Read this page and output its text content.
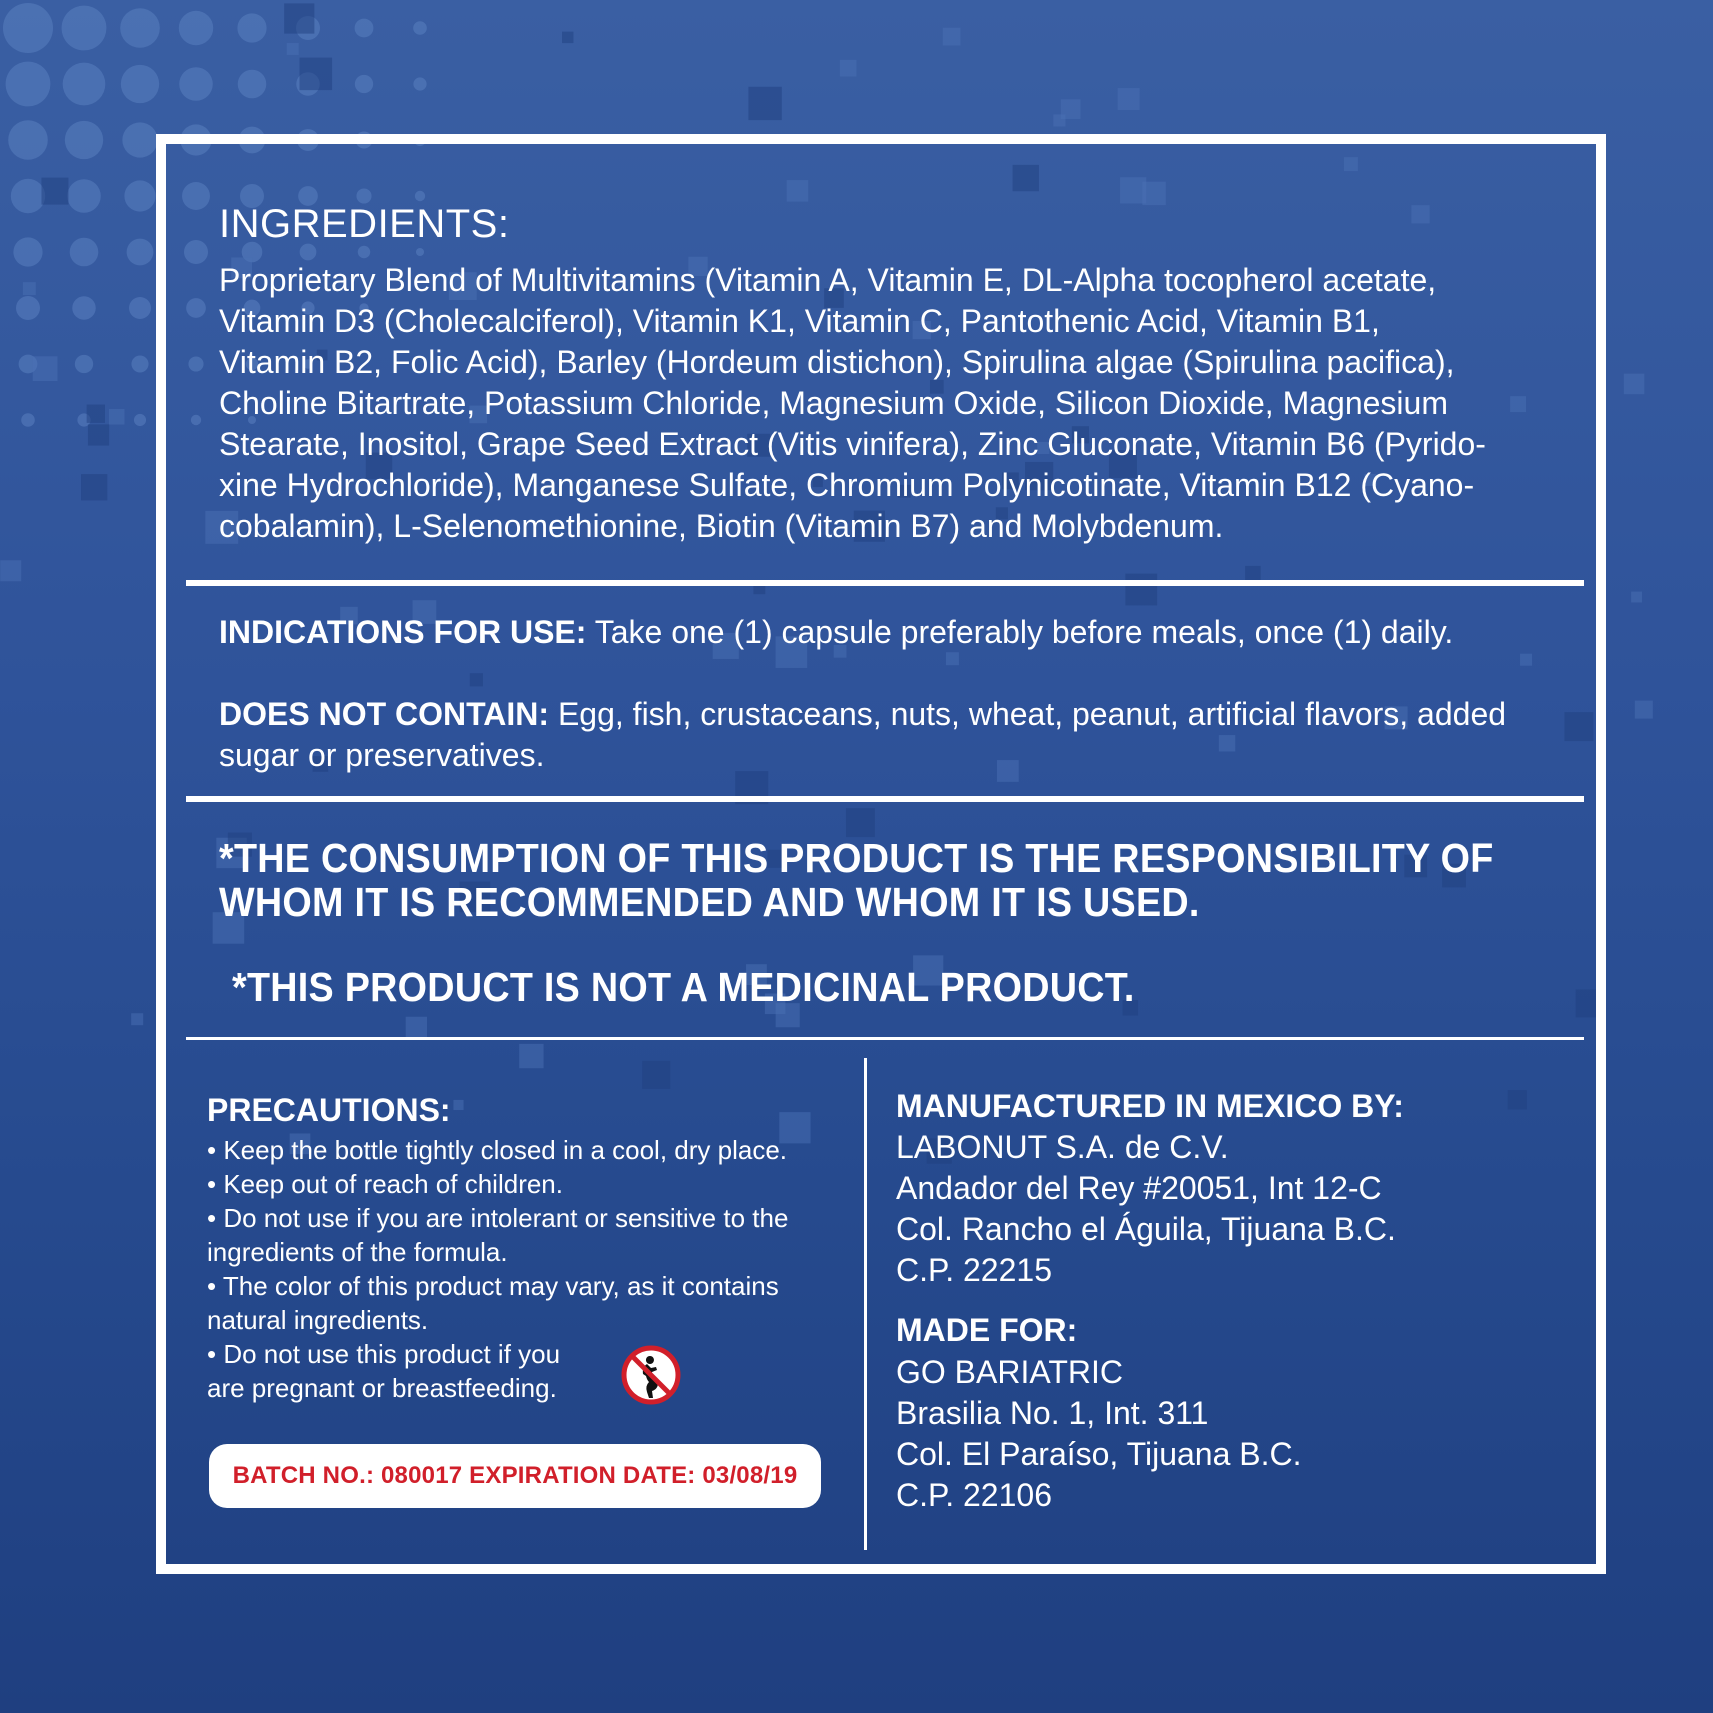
INGREDIENTS:
Proprietary Blend of Multivitamins (Vitamin A, Vitamin E, DL-Alpha tocopherol acetate,
Vitamin D3 (Cholecalciferol), Vitamin K1, Vitamin C, Pantothenic Acid, Vitamin B1,
Vitamin B2, Folic Acid), Barley (Hordeum distichon), Spirulina algae (Spirulina pacifica),
Choline Bitartrate, Potassium Chloride, Magnesium Oxide, Silicon Dioxide, Magnesium
Stearate, Inositol, Grape Seed Extract (Vitis vinifera), Zinc Gluconate, Vitamin B6 (Pyrido-
xine Hydrochloride), Manganese Sulfate, Chromium Polynicotinate, Vitamin B12 (Cyano-
cobalamin), L-Selenomethionine, Biotin (Vitamin B7) and Molybdenum.
INDICATIONS FOR USE: Take one (1) capsule preferably before meals, once (1) daily.
DOES NOT CONTAIN: Egg, fish, crustaceans, nuts, wheat, peanut, artificial flavors, added
sugar or preservatives.
*THE CONSUMPTION OF THIS PRODUCT IS THE RESPONSIBILITY OF
WHOM IT IS RECOMMENDED AND WHOM IT IS USED.
*THIS PRODUCT IS NOT A MEDICINAL PRODUCT.
PRECAUTIONS:
• Keep the bottle tightly closed in a cool, dry place.
• Keep out of reach of children.
• Do not use if you are intolerant or sensitive to the
ingredients of the formula.
• The color of this product may vary, as it contains
natural ingredients.
• Do not use this product if you
are pregnant or breastfeeding.
BATCH NO.: 080017 EXPIRATION DATE: 03/08/19
MANUFACTURED IN MEXICO BY:
LABONUT S.A. de C.V.
Andador del Rey #20051, Int 12-C
Col. Rancho el Águila, Tijuana B.C.
C.P. 22215
MADE FOR:
GO BARIATRIC
Brasilia No. 1, Int. 311
Col. El Paraíso, Tijuana B.C.
C.P. 22106
